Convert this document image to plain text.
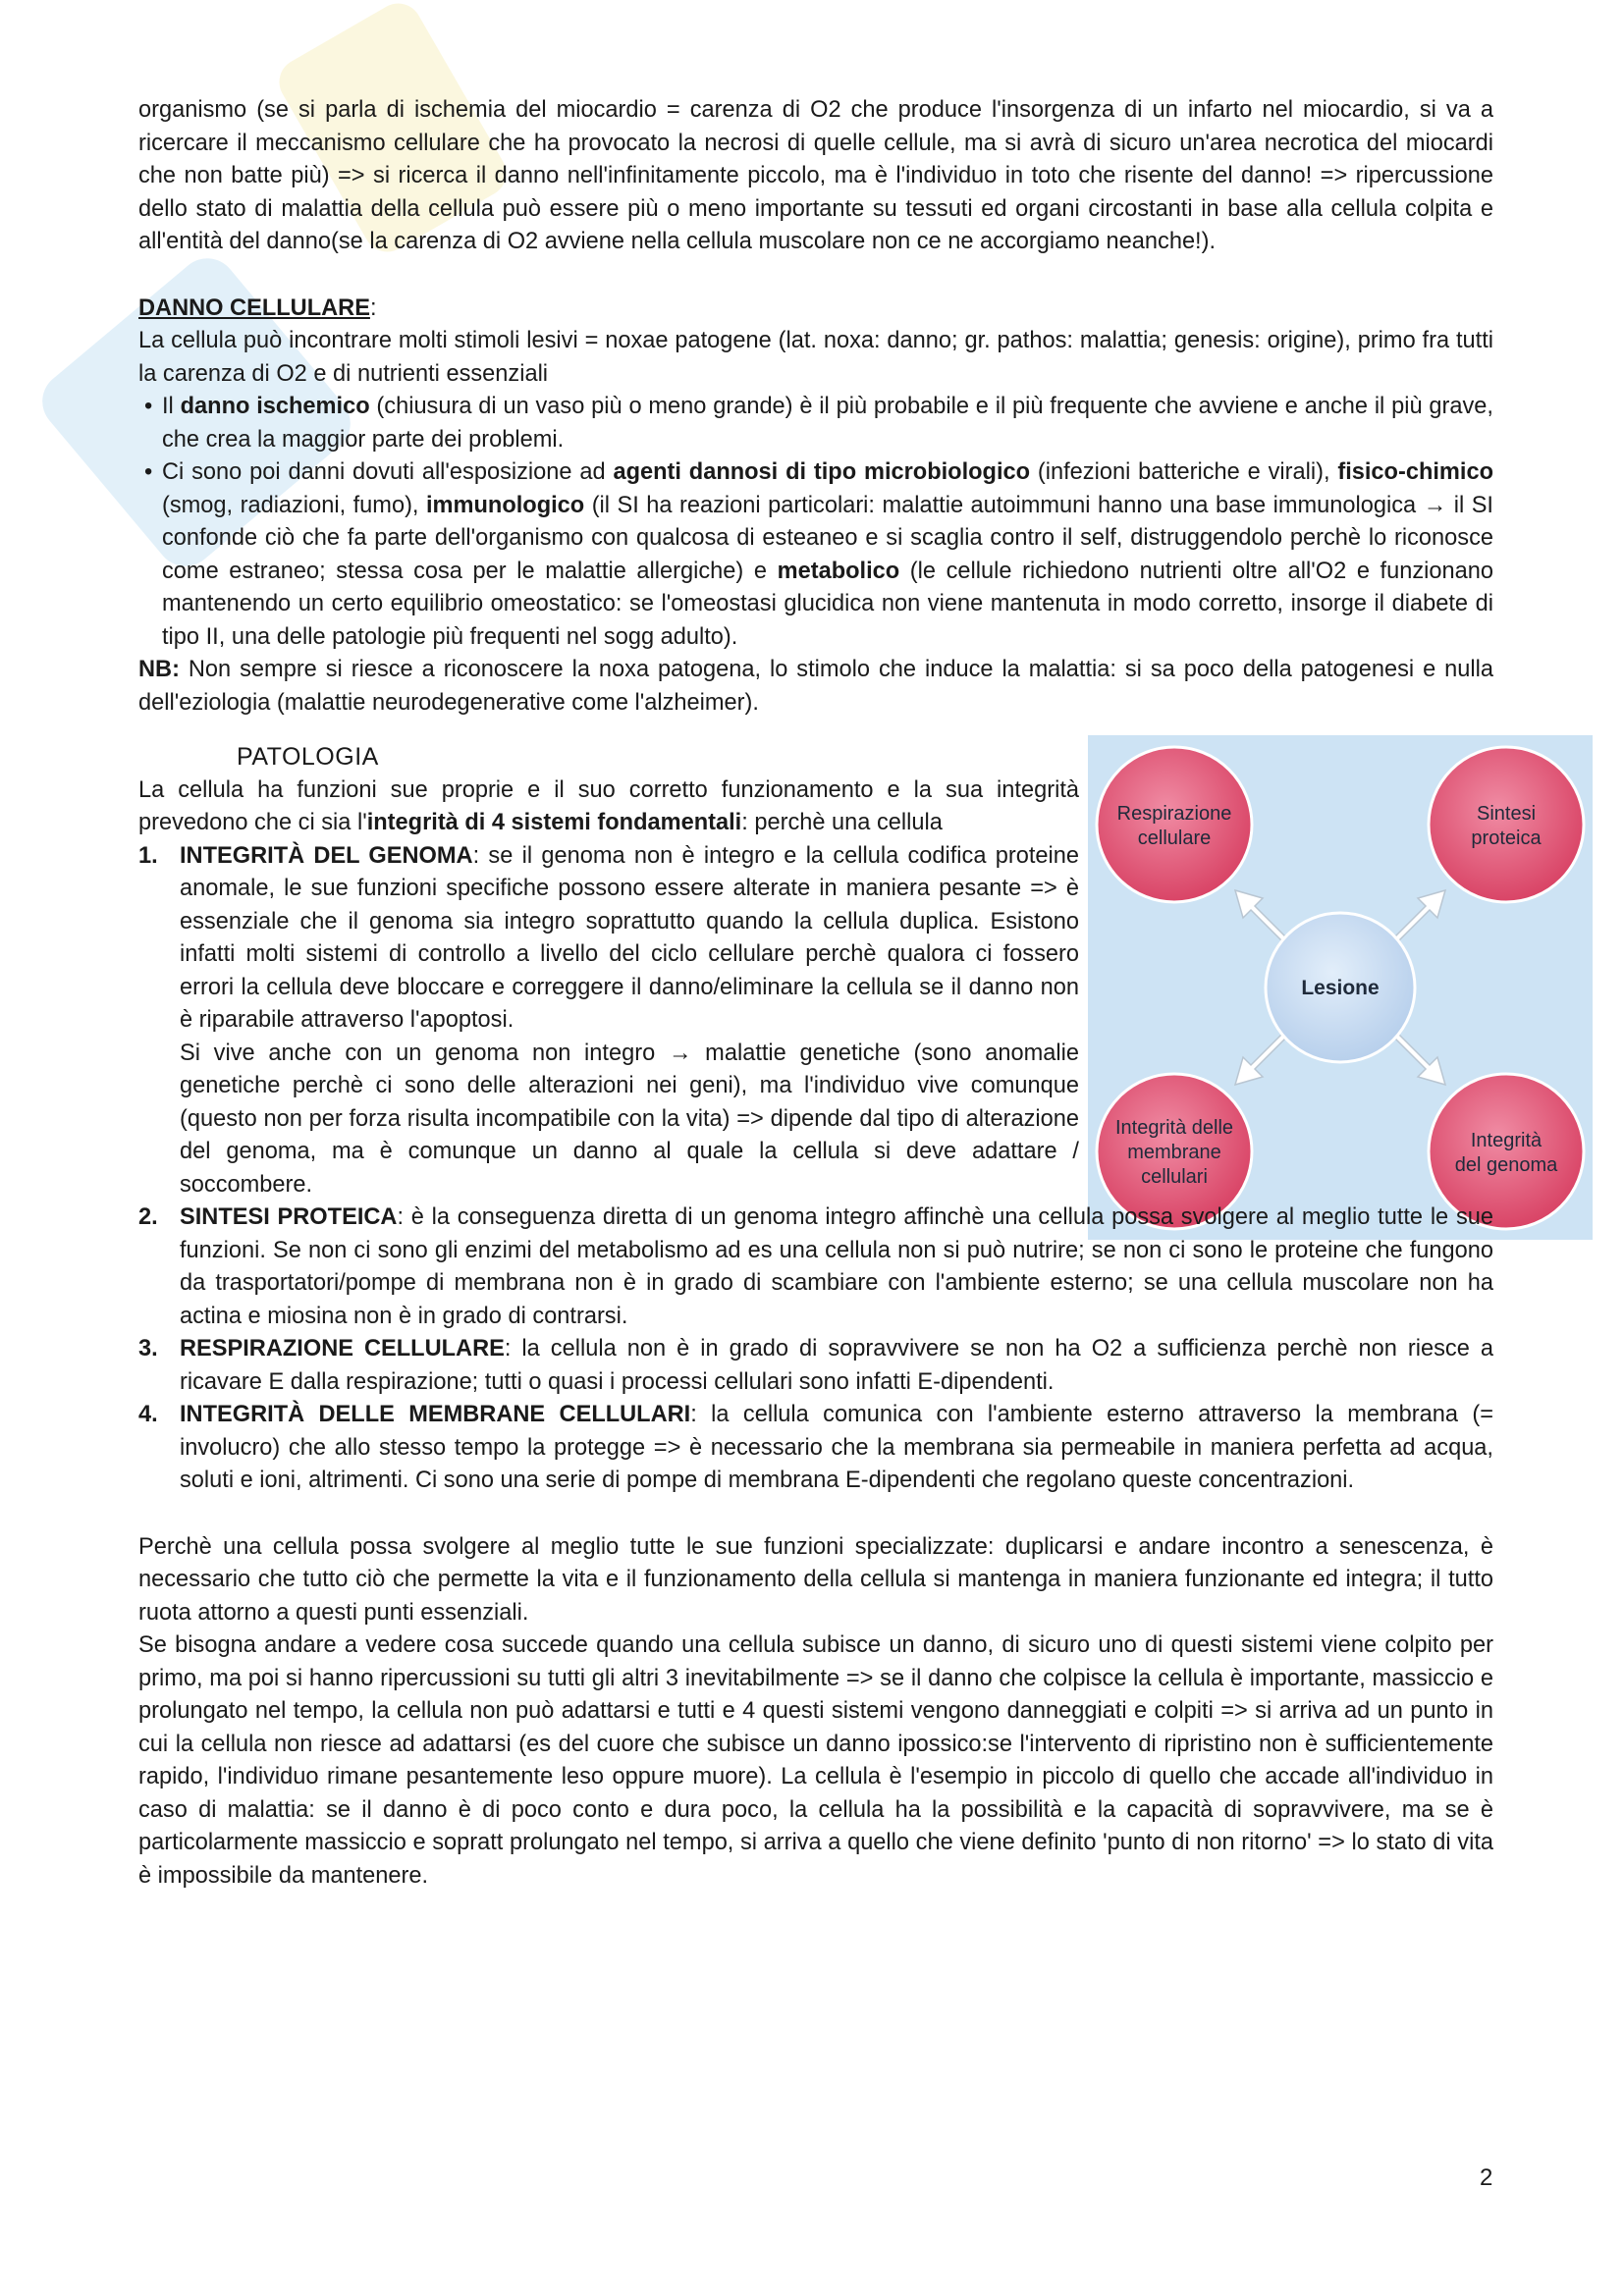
organismo (se si parla di ischemia del miocardio = carenza di O2 che produce l'insorgenza di un infarto nel miocardio, si va a ricercare il meccanismo cellulare che ha provocato la necrosi di quelle cellule, ma si avrà di sicuro un'area necrotica del miocardi che non batte più) => si ricerca il danno nell'infinitamente piccolo, ma è l'individuo in toto che risente del danno! => ripercussione dello stato di malattia della cellula può essere più o meno importante su tessuti ed organi circostanti in base alla cellula colpita e all'entità del danno(se la carenza di O2 avviene nella cellula muscolare non ce ne accorgiamo neanche!).

DANNO CELLULARE:

La cellula può incontrare molti stimoli lesivi = noxae patogene (lat. noxa: danno; gr. pathos: malattia; genesis: origine), primo fra tutti la carenza di O2 e di nutrienti essenziali

• Il danno ischemico (chiusura di un vaso più o meno grande) è il più probabile e il più frequente che avviene e anche il più grave, che crea la maggior parte dei problemi.
• Ci sono poi danni dovuti all'esposizione ad agenti dannosi di tipo microbiologico (infezioni batteriche e virali), fisico-chimico (smog, radiazioni, fumo), immunologico (il SI ha reazioni particolari: malattie autoimmuni hanno una base immunologica → il SI confonde ciò che fa parte dell'organismo con qualcosa di esteaneo e si scaglia contro il self, distruggendolo perchè lo riconosce come estraneo; stessa cosa per le malattie allergiche) e metabolico (le cellule richiedono nutrienti oltre all'O2 e funzionano mantenendo un certo equilibrio omeostatico: se l'omeostasi glucidica non viene mantenuta in modo corretto, insorge il diabete di tipo II, una delle patologie più frequenti nel sogg adulto).

NB: Non sempre si riesce a riconoscere la noxa patogena, lo stimolo che induce la malattia: si sa poco della patogenesi e nulla dell'eziologia (malattie neurodegenerative come l'alzheimer).

Lesione
Respirazione
cellulare
Sintesi
proteica
Integrità delle
membrane
cellulari
Integrità
del genoma

PATOLOGIA

La cellula ha funzioni sue proprie e il suo corretto funzionamento e la sua integrità prevedono che ci sia l'integrità di 4 sistemi fondamentali: perchè una cellula

1. INTEGRITÀ DEL GENOMA: se il genoma non è integro e la cellula codifica proteine anomale, le sue funzioni specifiche possono essere alterate in maniera pesante => è essenziale che il genoma sia integro soprattutto quando la cellula duplica. Esistono infatti molti sistemi di controllo a livello del ciclo cellulare perchè qualora ci fossero errori la cellula deve bloccare e correggere il danno/eliminare la cellula se il danno non è riparabile attraverso l'apoptosi.
Si vive anche con un genoma non integro → malattie genetiche (sono anomalie genetiche perchè ci sono delle alterazioni nei geni), ma l'individuo vive comunque (questo non per forza risulta incompatibile con la vita) => dipende dal tipo di alterazione del genoma, ma è comunque un danno al quale la cellula si deve adattare / soccombere.
2. SINTESI PROTEICA: è la conseguenza diretta di un genoma integro affinchè una cellula possa svolgere al meglio tutte le sue funzioni. Se non ci sono gli enzimi del metabolismo ad es una cellula non si può nutrire; se non ci sono le proteine che fungono da trasportatori/pompe di membrana non è in grado di scambiare con l'ambiente esterno; se una cellula muscolare non ha actina e miosina non è in grado di contrarsi.
3. RESPIRAZIONE CELLULARE: la cellula non è in grado di sopravvivere se non ha O2 a sufficienza perchè non riesce a ricavare E dalla respirazione; tutti o quasi i processi cellulari sono infatti E-dipendenti.
4. INTEGRITÀ DELLE MEMBRANE CELLULARI: la cellula comunica con l'ambiente esterno attraverso la membrana (= involucro) che allo stesso tempo la protegge => è necessario che la membrana sia permeabile in maniera perfetta ad acqua, soluti e ioni, altrimenti. Ci sono una serie di pompe di membrana E-dipendenti che regolano queste concentrazioni.

Perchè una cellula possa svolgere al meglio tutte le sue funzioni specializzate: duplicarsi e andare incontro a senescenza, è necessario che tutto ciò che permette la vita e il funzionamento della cellula si mantenga in maniera funzionante ed integra; il tutto ruota attorno a questi punti essenziali.

Se bisogna andare a vedere cosa succede quando una cellula subisce un danno, di sicuro uno di questi sistemi viene colpito per primo, ma poi si hanno ripercussioni su tutti gli altri 3 inevitabilmente => se il danno che colpisce la cellula è importante, massiccio e prolungato nel tempo, la cellula non può adattarsi e tutti e 4 questi sistemi vengono danneggiati e colpiti => si arriva ad un punto in cui la cellula non riesce ad adattarsi (es del cuore che subisce un danno ipossico:se l'intervento di ripristino non è sufficientemente rapido, l'individuo rimane pesantemente leso oppure muore). La cellula è l'esempio in piccolo di quello che accade all'individuo in caso di malattia: se il danno è di poco conto e dura poco, la cellula ha la possibilità e la capacità di sopravvivere, ma se è particolarmente massiccio e sopratt prolungato nel tempo, si arriva a quello che viene definito 'punto di non ritorno' => lo stato di vita è impossibile da mantenere.

2
